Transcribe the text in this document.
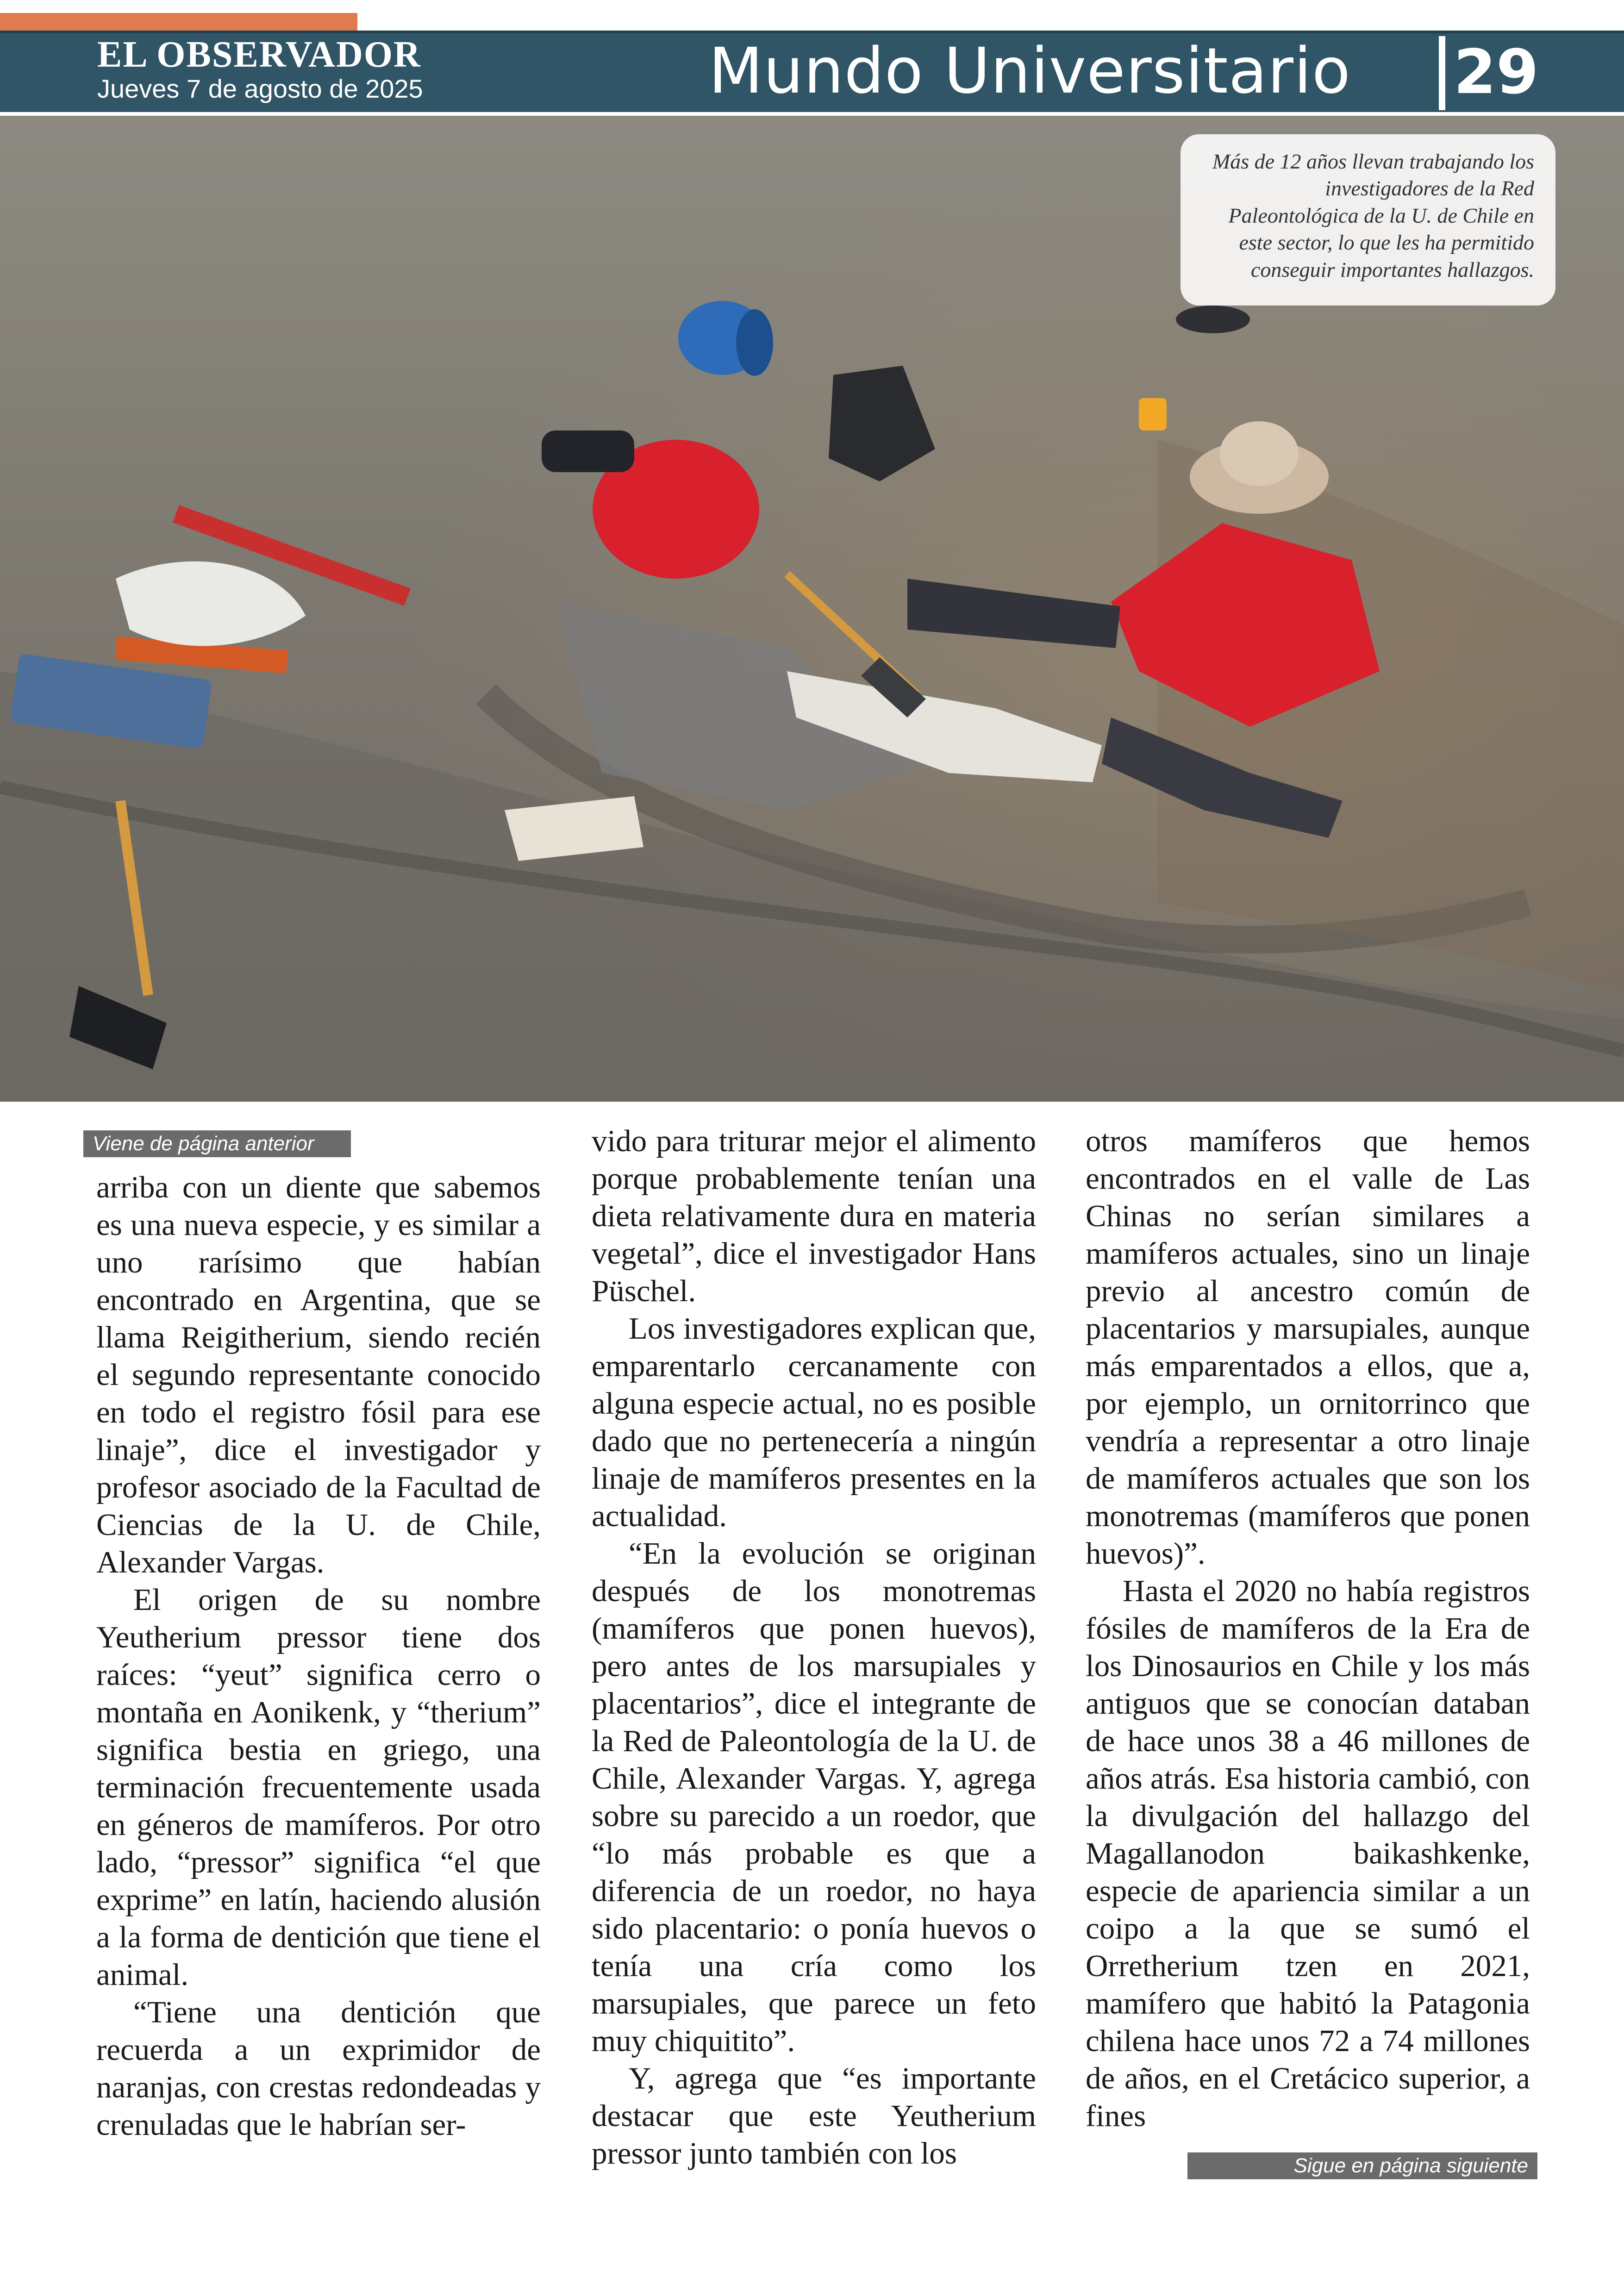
EL OBSERVADOR
Jueves 7 de agosto de 2025	Mundo Universitario 29
Más de 12 años llevan trabajando los investigadores de la Red Paleontológica de la U. de Chile en este sector, lo que les ha permitido conseguir importantes hallazgos.
Viene de página anterior
Sigue en página siguiente

arriba con un diente que sabemos es una nueva especie, y es similar a uno rarísimo que habían encontrado en Argentina, que se llama Reigitherium, siendo recién el segundo representante conocido en todo el registro fósil para ese linaje”, dice el investigador y profesor asociado de la Facultad de Ciencias de la U. de Chile, Alexander Vargas.

El origen de su nombre Yeutherium pressor tiene dos raíces: “yeut” significa cerro o montaña en Aonikenk, y “therium” significa bestia en griego, una terminación frecuentemente usada en géneros de mamíferos. Por otro lado, “pressor” significa “el que exprime” en latín, haciendo alusión a la forma de dentición que tiene el animal.

“Tiene una dentición que recuerda a un exprimidor de naranjas, con crestas redondeadas y crenuladas que le habrían ser-

vido para triturar mejor el alimento porque probablemente tenían una dieta relativamente dura en materia vegetal”, dice el investigador Hans Püschel.

Los investigadores explican que, emparentarlo cercanamente con alguna especie actual, no es posible dado que no pertenecería a ningún linaje de mamíferos presentes en la actualidad.

“En la evolución se originan después de los monotremas (mamíferos que ponen huevos), pero antes de los marsupiales y placentarios”, dice el integrante de la Red de Paleontología de la U. de Chile, Alexander Vargas. Y, agrega sobre su parecido a un roedor, que “lo más probable es que a diferencia de un roedor, no haya sido placentario: o ponía huevos o tenía una cría como los marsupiales, que parece un feto muy chiquitito”.

Y, agrega que “es importante destacar que este Yeutherium pressor junto también con los

otros mamíferos que hemos encontrados en el valle de Las Chinas no serían similares a mamíferos actuales, sino un linaje previo al ancestro común de placentarios y marsupiales, aunque más emparentados a ellos, que a, por ejemplo, un ornitorrinco que vendría a representar a otro linaje de mamíferos actuales que son los monotremas (mamíferos que ponen huevos)”.

Hasta el 2020 no había registros fósiles de mamíferos de la Era de los Dinosaurios en Chile y los más antiguos que se conocían databan de hace unos 38 a 46 millones de años atrás. Esa historia cambió, con la divulgación del hallazgo del Magallanodon baikashkenke, especie de apariencia similar a un coipo a la que se sumó el Orretherium tzen en 2021, mamífero que habitó la Patagonia chilena hace unos 72 a 74 millones de años, en el Cretácico superior, a fines
